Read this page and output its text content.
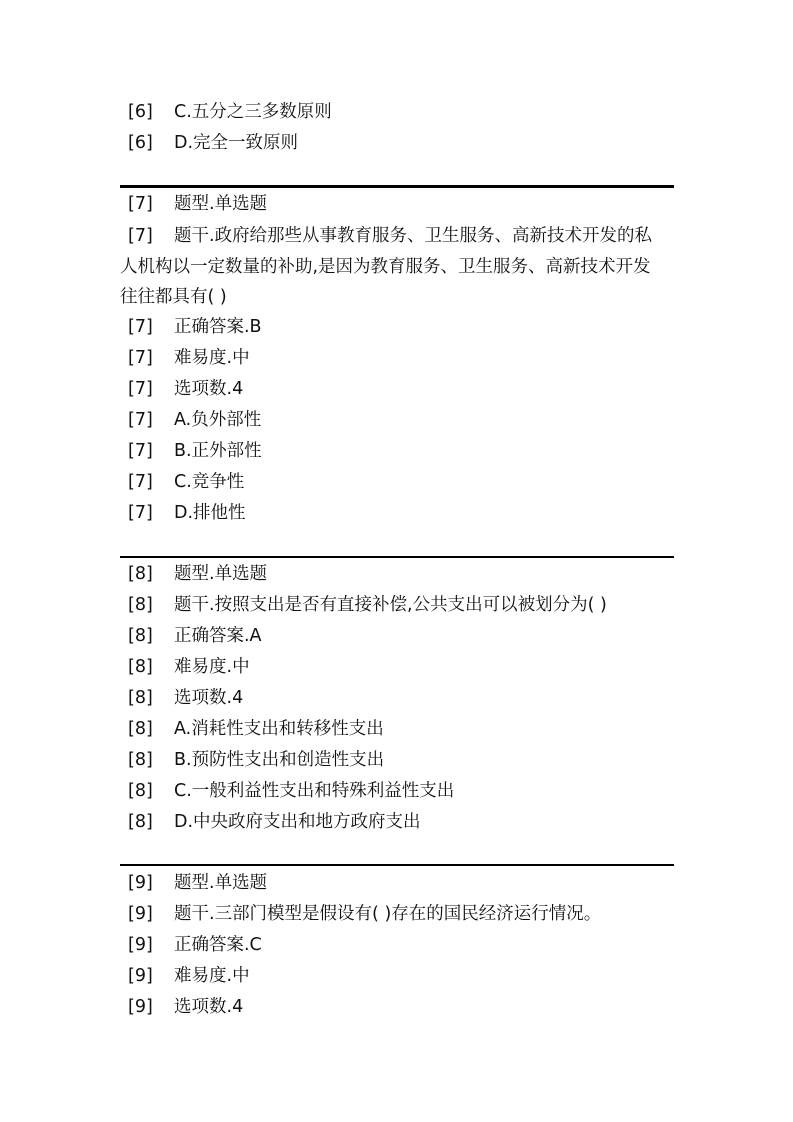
[6] C.五分之三多数原则
[6] D.完全一致原则
[7] 题型.单选题
[7] 题干.政府给那些从事教育服务、卫生服务、高新技术开发的私
人机构以一定数量的补助,是因为教育服务、卫生服务、高新技术开发
往往都具有( )
[7] 正确答案.B
[7] 难易度.中
[7] 选项数.4
[7] A.负外部性
[7] B.正外部性
[7] C.竞争性
[7] D.排他性
[8] 题型.单选题
[8] 题干.按照支出是否有直接补偿,公共支出可以被划分为( )
[8] 正确答案.A
[8] 难易度.中
[8] 选项数.4
[8] A.消耗性支出和转移性支出
[8] B.预防性支出和创造性支出
[8] C.一般利益性支出和特殊利益性支出
[8] D.中央政府支出和地方政府支出
[9] 题型.单选题
[9] 题干.三部门模型是假设有( )存在的国民经济运行情况。
[9] 正确答案.C
[9] 难易度.中
[9] 选项数.4
